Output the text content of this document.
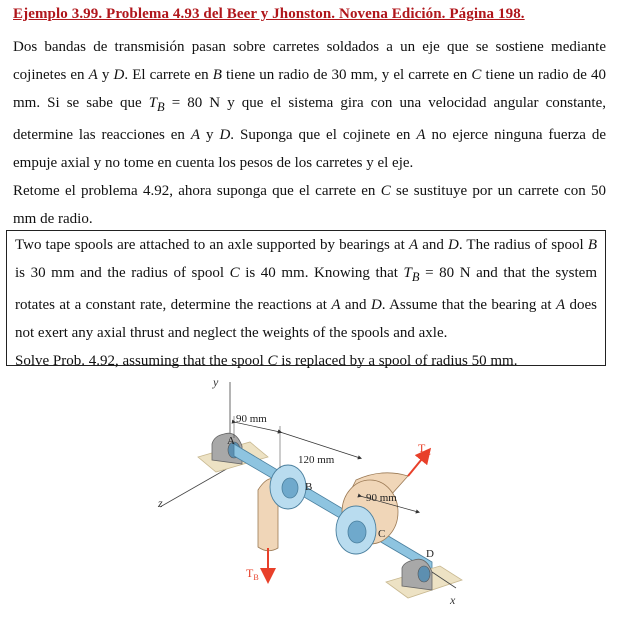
Ejemplo 3.99. Problema 4.93 del Beer y Jhonston. Novena Edición. Página 198.

Dos bandas de transmisión pasan sobre carretes soldados a un eje que se sostiene mediante cojinetes en A y D. El carrete en B tiene un radio de 30 mm, y el carrete en C tiene un radio de 40 mm. Si se sabe que $T_B = 80$ N y que el sistema gira con una velocidad angular constante, determine las reacciones en A y D. Suponga que el cojinete en A no ejerce ninguna fuerza de empuje axial y no tome en cuenta los pesos de los carretes y el eje.

Retome el problema 4.92, ahora suponga que el carrete en C se sustituye por un carrete con 50 mm de radio.

Two tape spools are attached to an axle supported by bearings at A and D. The radius of spool B is 30 mm and the radius of spool C is 40 mm. Knowing that $T_B = 80$ N and that the system rotates at a constant rate, determine the reactions at A and D. Assume that the bearing at A does not exert any axial thrust and neglect the weights of the spools and axle.
Solve Prob. 4.92, assuming that the spool C is replaced by a spool of radius 50 mm.

y
z
B
C
D
x
A
90 mm
120 mm
90 mm
$T_C$
$T_B$
